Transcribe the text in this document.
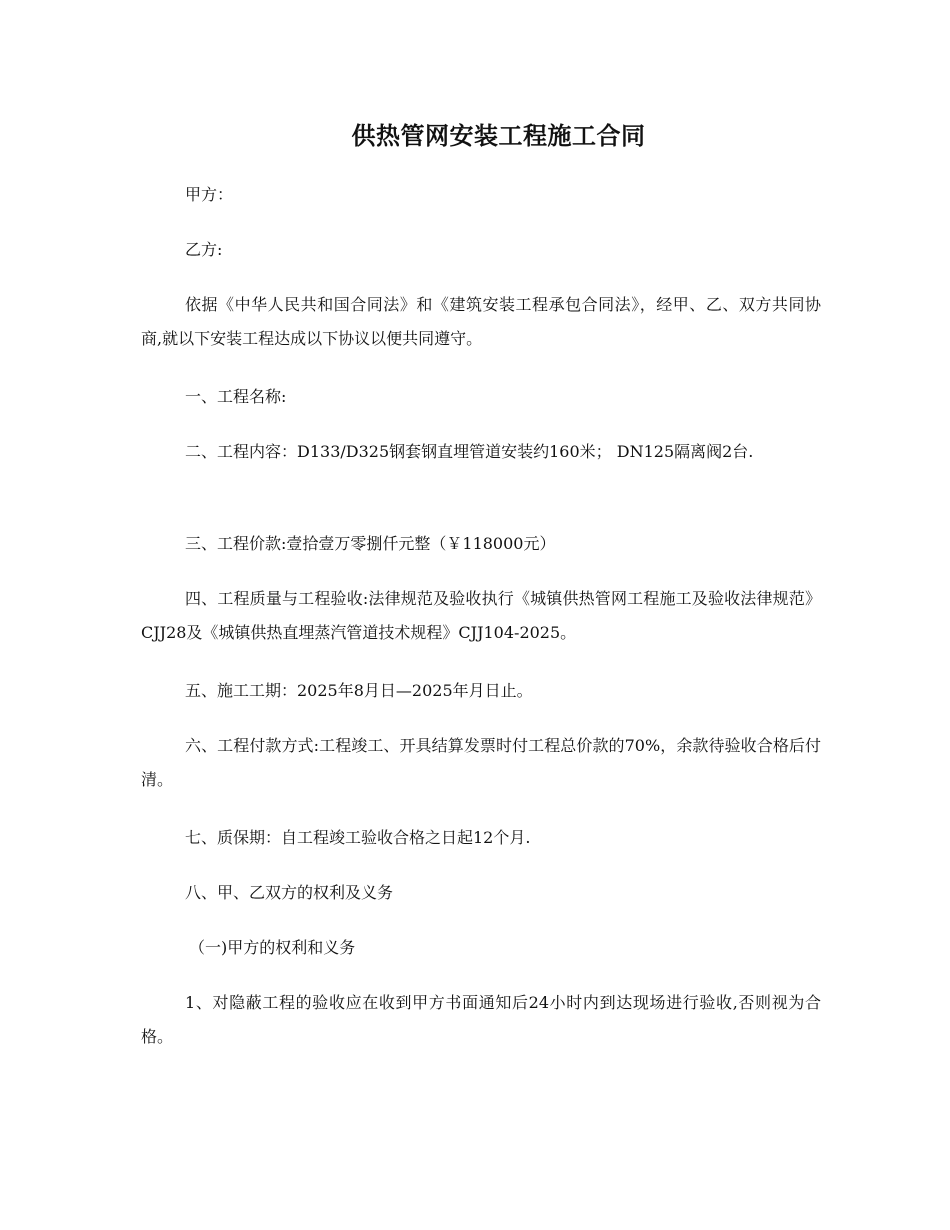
供热管网安装工程施工合同

甲方：

乙方:

依据《中华人民共和国合同法》和《建筑安装工程承包合同法》，经甲、乙、双方共同协商,就以下安装工程达成以下协议以便共同遵守。

一、工程名称:

二、工程内容：D133/D325钢套钢直埋管道安装约160米； DN125隔离阀2台.

三、工程价款:壹拾壹万零捌仟元整（￥118000元）

四、工程质量与工程验收:法律规范及验收执行《城镇供热管网工程施工及验收法律规范》CJJ28及《城镇供热直埋蒸汽管道技术规程》CJJ104-2025。

五、施工工期：2025年8月日—2025年月日止。

六、工程付款方式:工程竣工、开具结算发票时付工程总价款的70%，余款待验收合格后付清。

七、质保期：自工程竣工验收合格之日起12个月.

八、甲、乙双方的权利及义务

（一)甲方的权利和义务

1、对隐蔽工程的验收应在收到甲方书面通知后24小时内到达现场进行验收,否则视为合格。
